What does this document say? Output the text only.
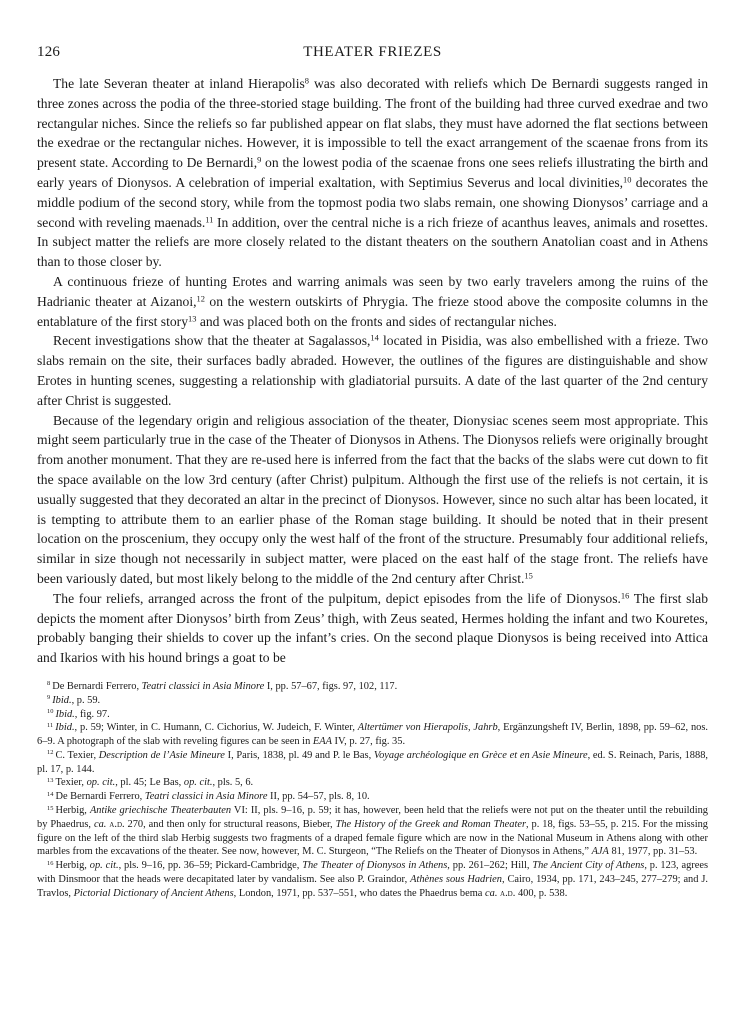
126	THEATER FRIEZES

The late Severan theater at inland Hierapolis$^8$ was also decorated with reliefs which De Bernardi suggests ranged in three zones across the podia of the three-storied stage building. The front of the building had three curved exedrae and two rectangular niches. Since the reliefs so far published appear on flat slabs, they must have adorned the flat sections between the exedrae or the rectangular niches. However, it is impossible to tell the exact arrangement of the scaenae frons from its present state. According to De Bernardi,$^9$ on the lowest podia of the scaenae frons one sees reliefs illustrating the birth and early years of Dionysos. A celebration of imperial exaltation, with Septimius Severus and local divinities,$^{10}$ decorates the middle podium of the second story, while from the topmost podia two slabs remain, one showing Dionysos’ carriage and a second with reveling maenads.$^{11}$ In addition, over the central niche is a rich frieze of acanthus leaves, animals and rosettes. In subject matter the reliefs are more closely related to the distant theaters on the southern Anatolian coast and in Athens than to those closer by.

A continuous frieze of hunting Erotes and warring animals was seen by two early travelers among the ruins of the Hadrianic theater at Aizanoi,$^{12}$ on the western outskirts of Phrygia. The frieze stood above the composite columns in the entablature of the first story$^{13}$ and was placed both on the fronts and sides of rectangular niches.

Recent investigations show that the theater at Sagalassos,$^{14}$ located in Pisidia, was also embellished with a frieze. Two slabs remain on the site, their surfaces badly abraded. However, the outlines of the figures are distinguishable and show Erotes in hunting scenes, suggesting a relationship with gladiatorial pursuits. A date of the last quarter of the 2nd century after Christ is suggested.

Because of the legendary origin and religious association of the theater, Dionysiac scenes seem most appropriate. This might seem particularly true in the case of the Theater of Dionysos in Athens. The Dionysos reliefs were originally brought from another monument. That they are re-used here is inferred from the fact that the backs of the slabs were cut down to fit the space available on the low 3rd century (after Christ) pulpitum. Although the first use of the reliefs is not certain, it is usually suggested that they decorated an altar in the precinct of Dionysos. However, since no such altar has been located, it is tempting to attribute them to an earlier phase of the Roman stage building. It should be noted that in their present location on the proscenium, they occupy only the west half of the front of the structure. Presumably four additional reliefs, similar in size though not necessarily in subject matter, were placed on the east half of the stage front. The reliefs have been variously dated, but most likely belong to the middle of the 2nd century after Christ.$^{15}$

The four reliefs, arranged across the front of the pulpitum, depict episodes from the life of Dionysos.$^{16}$ The first slab depicts the moment after Dionysos’ birth from Zeus’ thigh, with Zeus seated, Hermes holding the infant and two Kouretes, probably banging their shields to cover up the infant’s cries. On the second plaque Dionysos is being received into Attica and Ikarios with his hound brings a goat to be

$^8$ De Bernardi Ferrero, Teatri classici in Asia Minore I, pp. 57–67, figs. 97, 102, 117.

$^9$ Ibid., p. 59.

$^{10}$ Ibid., fig. 97.

$^{11}$ Ibid., p. 59; Winter, in C. Humann, C. Cichorius, W. Judeich, F. Winter, Altertümer von Hierapolis, Jahrb, Ergänzungsheft IV, Berlin, 1898, pp. 59–62, nos. 6–9. A photograph of the slab with reveling figures can be seen in EAA IV, p. 27, fig. 35.

$^{12}$ C. Texier, Description de l’Asie Mineure I, Paris, 1838, pl. 49 and P. le Bas, Voyage archéologique en Grèce et en Asie Mineure, ed. S. Reinach, Paris, 1888, pl. 17, p. 144.

$^{13}$ Texier, op. cit., pl. 45; Le Bas, op. cit., pls. 5, 6.

$^{14}$ De Bernardi Ferrero, Teatri classici in Asia Minore II, pp. 54–57, pls. 8, 10.

$^{15}$ Herbig, Antike griechische Theaterbauten VI: II, pls. 9–16, p. 59; it has, however, been held that the reliefs were not put on the theater until the rebuilding by Phaedrus, ca. a.d. 270, and then only for structural reasons, Bieber, The History of the Greek and Roman Theater, p. 18, figs. 53–55, p. 215. For the missing figure on the left of the third slab Herbig suggests two fragments of a draped female figure which are now in the National Museum in Athens along with other marbles from the excavations of the theater. See now, however, M. C. Sturgeon, “The Reliefs on the Theater of Dionysos in Athens,” AJA 81, 1977, pp. 31–53.

$^{16}$ Herbig, op. cit., pls. 9–16, pp. 36–59; Pickard-Cambridge, The Theater of Dionysos in Athens, pp. 261–262; Hill, The Ancient City of Athens, p. 123, agrees with Dinsmoor that the heads were decapitated later by vandalism. See also P. Graindor, Athènes sous Hadrien, Cairo, 1934, pp. 171, 243–245, 277–279; and J. Travlos, Pictorial Dictionary of Ancient Athens, London, 1971, pp. 537–551, who dates the Phaedrus bema ca. a.d. 400, p. 538.
